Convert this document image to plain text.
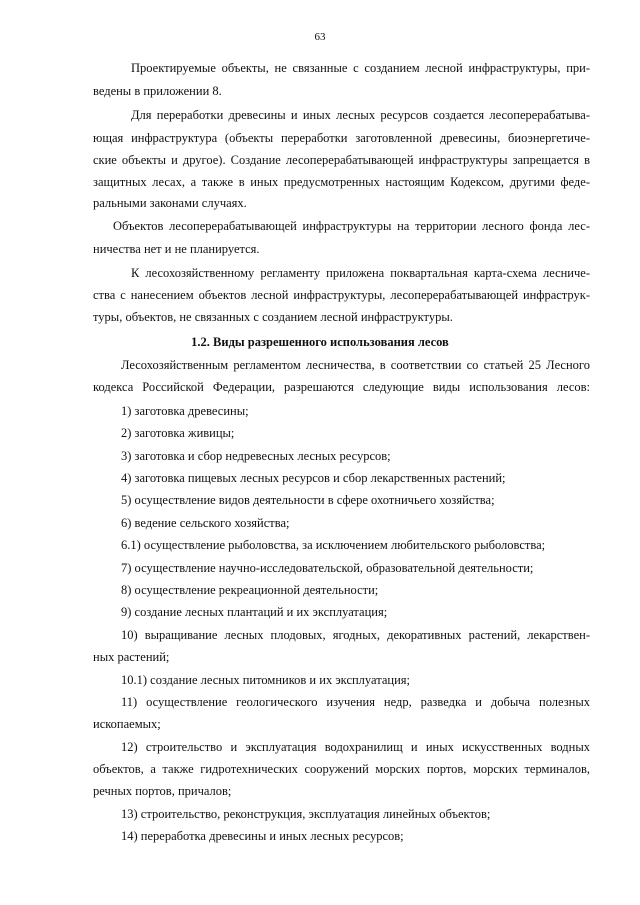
63
Проектируемые объекты, не связанные с созданием лесной инфраструктуры, при-
ведены в приложении 8.
Для переработки древесины и иных лесных ресурсов создается лесоперерабатыва-
ющая инфраструктура (объекты переработки заготовленной древесины, биоэнергетиче-
ские объекты и другое). Создание лесоперерабатывающей инфраструктуры запрещается в
защитных лесах, а также в иных предусмотренных настоящим Кодексом, другими феде-
ральными законами случаях.
Объектов лесоперерабатывающей инфраструктуры на территории лесного фонда лес-
ничества нет и не планируется.
К лесохозяйственному регламенту приложена поквартальная карта-схема лесниче-
ства с нанесением объектов лесной инфраструктуры, лесоперерабатывающей инфраструк-
туры, объектов, не связанных с созданием лесной инфраструктуры.
1.2. Виды разрешенного использования лесов
Лесохозяйственным регламентом лесничества, в соответствии со статьей 25 Лесного
кодекса Российской Федерации, разрешаются следующие виды использования лесов:
1) заготовка древесины;
2) заготовка живицы;
3) заготовка и сбор недревесных лесных ресурсов;
4) заготовка пищевых лесных ресурсов и сбор лекарственных растений;
5) осуществление видов деятельности в сфере охотничьего хозяйства;
6) ведение сельского хозяйства;
6.1) осуществление рыболовства, за исключением любительского рыболовства;
7) осуществление научно-исследовательской, образовательной деятельности;
8) осуществление рекреационной деятельности;
9) создание лесных плантаций и их эксплуатация;
10) выращивание лесных плодовых, ягодных, декоративных растений, лекарствен-
ных растений;
10.1) создание лесных питомников и их эксплуатация;
11) осуществление геологического изучения недр, разведка и добыча полезных
ископаемых;
12) строительство и эксплуатация водохранилищ и иных искусственных водных
объектов, а также гидротехнических сооружений морских портов, морских терминалов,
речных портов, причалов;
13) строительство, реконструкция, эксплуатация линейных объектов;
14) переработка древесины и иных лесных ресурсов;
